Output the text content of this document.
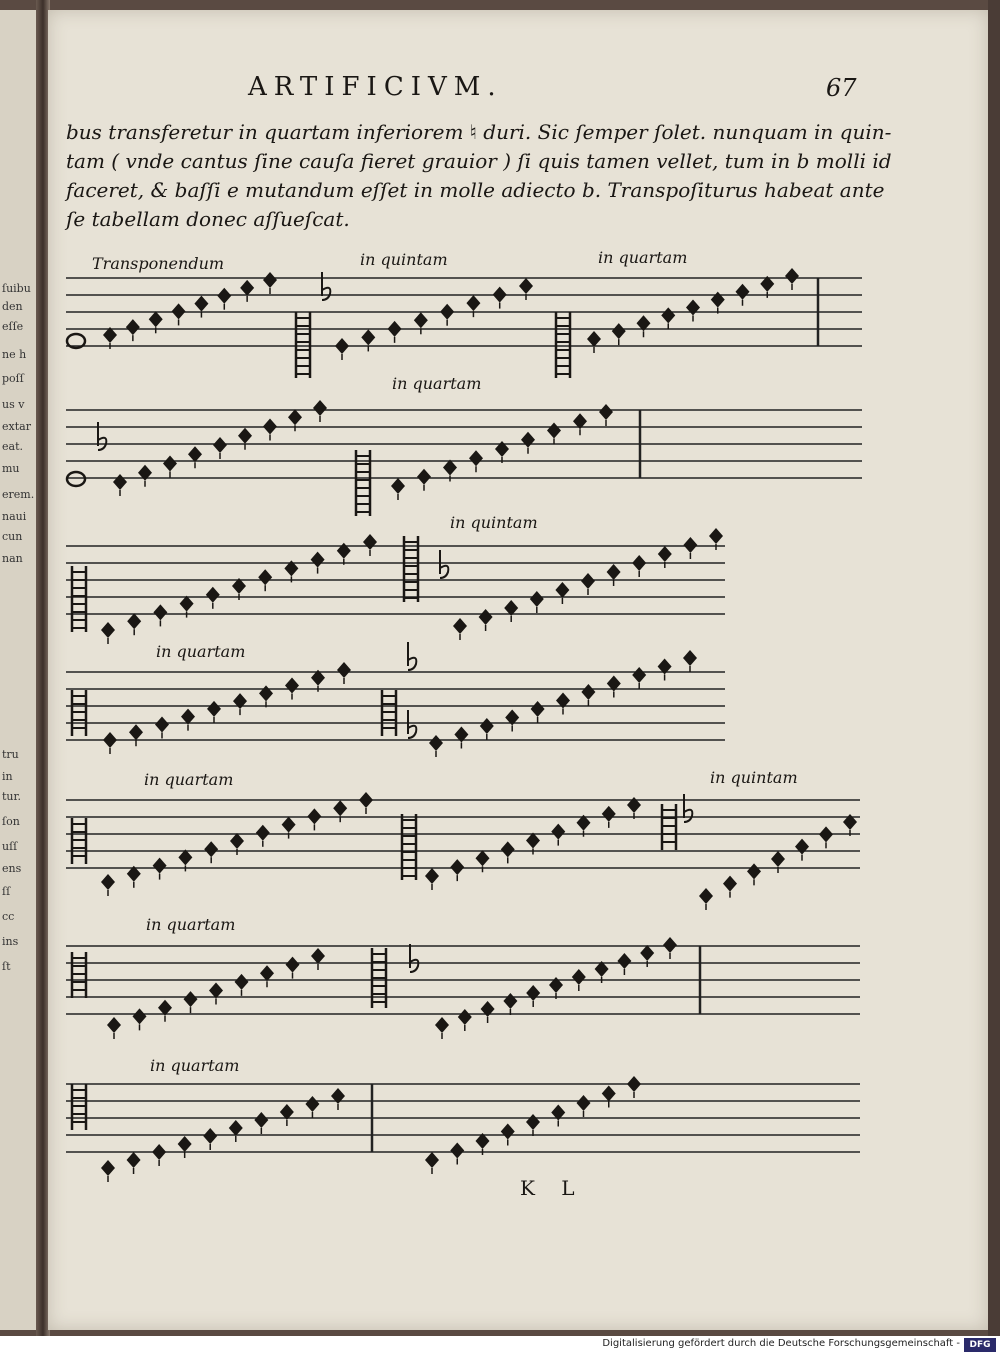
ſuibu
den
eſſe
ne h
poſſ
us v
extar
eat.
mu
erem.
naui
cun
nan
tru
in
tur.
ſon
uſſ
ens
ſſ
cc
ins
ſt
ARTIFICIVM.	67

bus transferetur in quartam inferiorem ♮ duri. Sic ſemper ſolet. nunquam in quin-
tam ( vnde cantus ſine cauſa fieret grauior ) ſi quis tamen vellet, tum in b molli id
faceret, & baſſi e mutandum eſſet in molle adiecto b. Transpoſiturus habeat ante
ſe tabellam donec aſſueſcat.

Transponendum	in quintam	in quartam
in quartam
in quintam
in quartam
in quartam	in quintam
in quartam
in quartam
K L
Digitalisierung gefördert durch die Deutsche Forschungsgemeinschaft -	DFG
